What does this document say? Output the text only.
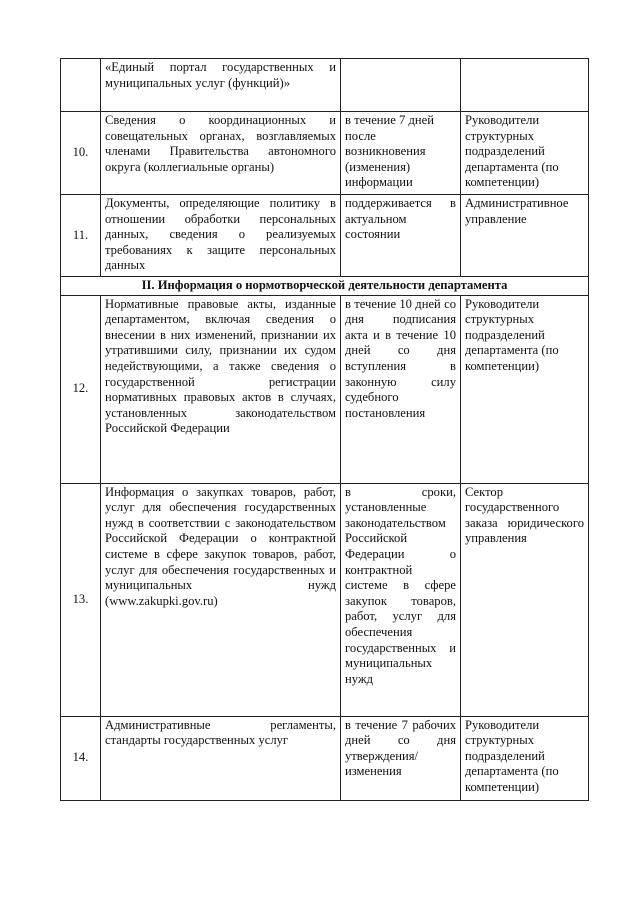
	«Единый портал государственных и муниципальных услуг (функций)»		
10.	Сведения о координационных и совещательных органах, возглавляемых членами Правительства автономного округа (коллегиальные органы)	в течение 7 дней после возникновения (изменения) информации	Руководители структурных подразделений департамента (по компетенции)
11.	Документы, определяющие политику в отношении обработки персональных данных, сведения о реализуемых требованиях к защите персональных данных	поддерживается в актуальном состоянии	Административное управление
II. Информация о нормотворческой деятельности департамента			
12.	Нормативные правовые акты, изданные департаментом, включая сведения о внесении в них изменений, признании их утратившими силу, признании их судом недействующими, а также сведения о государственной регистрации нормативных правовых актов в случаях, установленных законодательством Российской Федерации	в течение 10 дней со дня подписания акта и в течение 10 дней со дня вступления в законную силу судебного постановления	Руководители структурных подразделений департамента (по компетенции)
13.	Информация о закупках товаров, работ, услуг для обеспечения государственных нужд в соответствии с законодательством Российской Федерации о контрактной системе в сфере закупок товаров, работ, услуг для обеспечения государственных и муниципальных нужд (www.zakupki.gov.ru)	в сроки, установленные законодательством Российской Федерации о контрактной системе в сфере закупок товаров, работ, услуг для обеспечения государственных и муниципальных нужд	Сектор государственного заказа юридического управления
14.	Административные регламенты, стандарты государственных услуг	в течение 7 рабочих дней со дня утверждения/изменения	Руководители структурных подразделений департамента (по компетенции)
